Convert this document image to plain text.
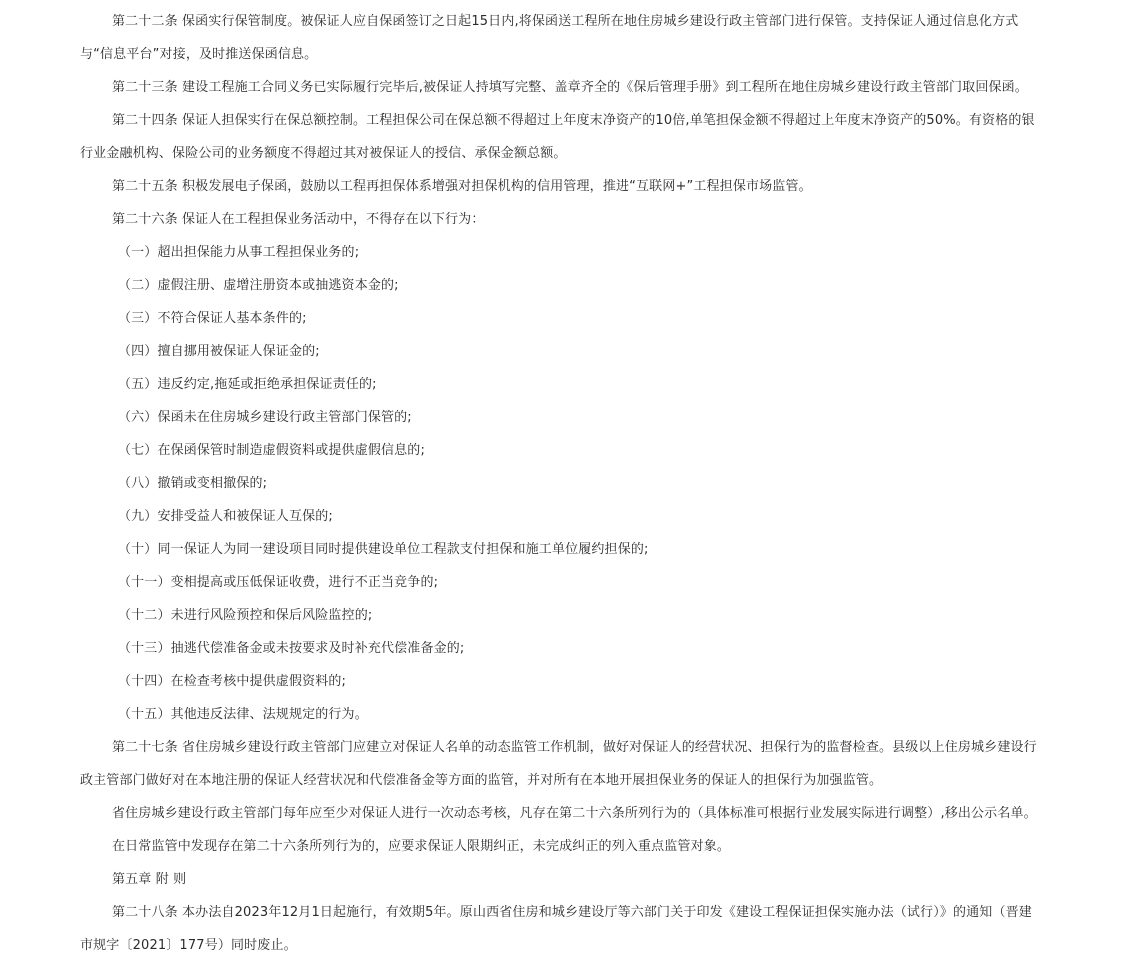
第二十二条 保函实行保管制度。被保证人应自保函签订之日起15日内,将保函送工程所在地住房城乡建设行政主管部门进行保管。支持保证人通过信息化方式与“信息平台”对接，及时推送保函信息。

第二十三条 建设工程施工合同义务已实际履行完毕后,被保证人持填写完整、盖章齐全的《保后管理手册》到工程所在地住房城乡建设行政主管部门取回保函。

第二十四条 保证人担保实行在保总额控制。工程担保公司在保总额不得超过上年度末净资产的10倍,单笔担保金额不得超过上年度末净资产的50%。有资格的银行业金融机构、保险公司的业务额度不得超过其对被保证人的授信、承保金额总额。

第二十五条 积极发展电子保函，鼓励以工程再担保体系增强对担保机构的信用管理，推进“互联网+”工程担保市场监管。

第二十六条 保证人在工程担保业务活动中，不得存在以下行为：

（一）超出担保能力从事工程担保业务的;

（二）虚假注册、虚增注册资本或抽逃资本金的;

（三）不符合保证人基本条件的;

（四）擅自挪用被保证人保证金的;

（五）违反约定,拖延或拒绝承担保证责任的;

（六）保函未在住房城乡建设行政主管部门保管的;

（七）在保函保管时制造虚假资料或提供虚假信息的;

（八）撤销或变相撤保的;

（九）安排受益人和被保证人互保的;

（十）同一保证人为同一建设项目同时提供建设单位工程款支付担保和施工单位履约担保的;

（十一）变相提高或压低保证收费，进行不正当竞争的;

（十二）未进行风险预控和保后风险监控的;

（十三）抽逃代偿准备金或未按要求及时补充代偿准备金的;

（十四）在检查考核中提供虚假资料的;

（十五）其他违反法律、法规规定的行为。

第二十七条 省住房城乡建设行政主管部门应建立对保证人名单的动态监管工作机制，做好对保证人的经营状况、担保行为的监督检查。县级以上住房城乡建设行政主管部门做好对在本地注册的保证人经营状况和代偿准备金等方面的监管，并对所有在本地开展担保业务的保证人的担保行为加强监管。

省住房城乡建设行政主管部门每年应至少对保证人进行一次动态考核，凡存在第二十六条所列行为的（具体标准可根据行业发展实际进行调整）,移出公示名单。

在日常监管中发现存在第二十六条所列行为的，应要求保证人限期纠正，未完成纠正的列入重点监管对象。

第五章 附 则

第二十八条 本办法自2023年12月1日起施行，有效期5年。原山西省住房和城乡建设厅等六部门关于印发《建设工程保证担保实施办法（试行）》的通知（晋建市规字〔2021〕177号）同时废止。
